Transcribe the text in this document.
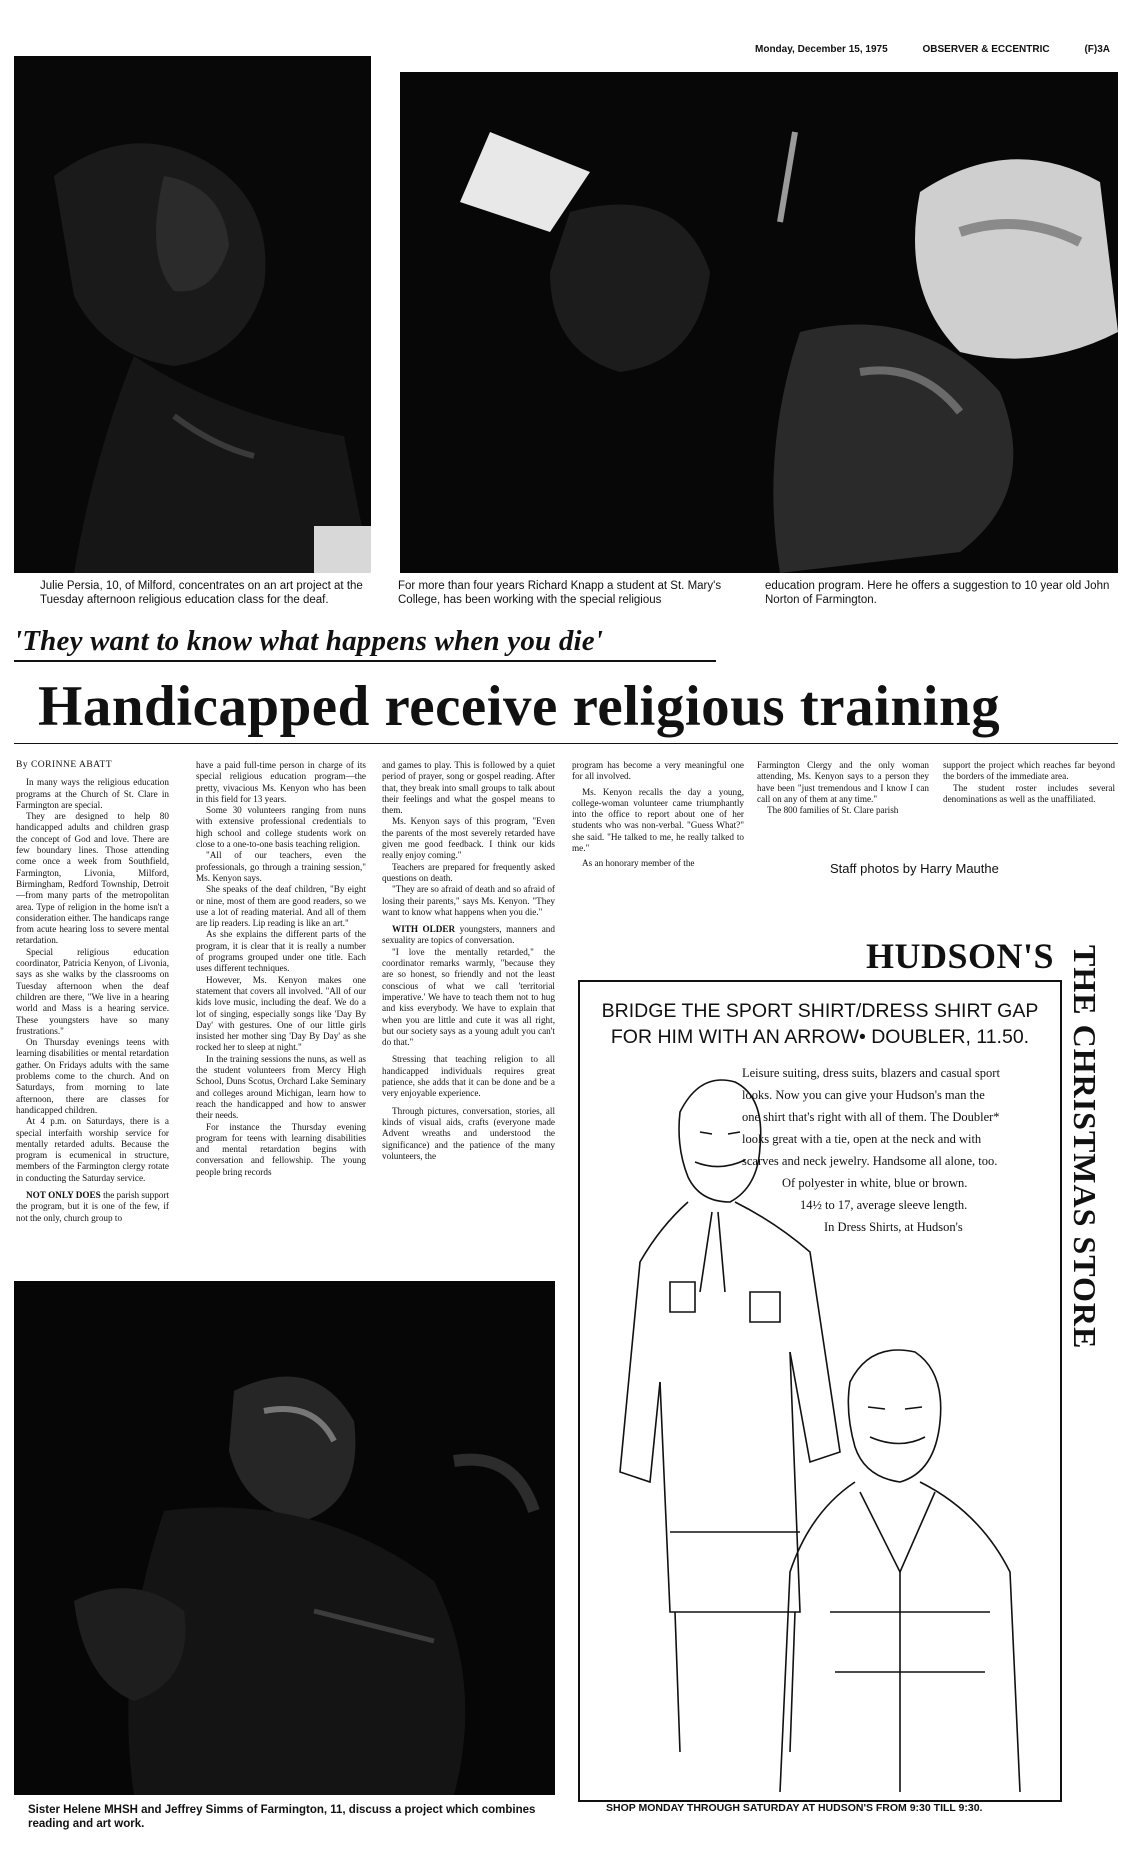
Monday, December 15, 1975	OBSERVER & ECCENTRIC	(F)3A
Julie Persia, 10, of Milford, concentrates on an art project at the Tuesday afternoon religious education class for the deaf.
For more than four years Richard Knapp a student at St. Mary's College, has been working with the special religious
education program. Here he offers a suggestion to 10 year old John Norton of Farmington.
'They want to know what happens when you die'
Handicapped receive religious training

By CORINNE ABATT

In many ways the religious education programs at the Church of St. Clare in Farmington are special.

They are designed to help 80 handicapped adults and children grasp the concept of God and love. There are few boundary lines. Those attending come once a week from Southfield, Farmington, Livonia, Milford, Birmingham, Redford Township, Detroit—from many parts of the metropolitan area. Type of religion in the home isn't a consideration either. The handicaps range from acute hearing loss to severe mental retardation.

Special religious education coordinator, Patricia Kenyon, of Livonia, says as she walks by the classrooms on Tuesday afternoon when the deaf children are there, "We live in a hearing world and Mass is a hearing service. These youngsters have so many frustrations."

On Thursday evenings teens with learning disabilities or mental retardation gather. On Fridays adults with the same problems come to the church. And on Saturdays, from morning to late afternoon, there are classes for handicapped children.

At 4 p.m. on Saturdays, there is a special interfaith worship service for mentally retarded adults. Because the program is ecumenical in structure, members of the Farmington clergy rotate in conducting the Saturday service.

NOT ONLY DOES the parish support the program, but it is one of the few, if not the only, church group to

have a paid full-time person in charge of its special religious education program—the pretty, vivacious Ms. Kenyon who has been in this field for 13 years.

Some 30 volunteers ranging from nuns with extensive professional credentials to high school and college students work on close to a one-to-one basis teaching religion.

"All of our teachers, even the professionals, go through a training session," Ms. Kenyon says.

She speaks of the deaf children, "By eight or nine, most of them are good readers, so we use a lot of reading material. And all of them are lip readers. Lip reading is like an art."

As she explains the different parts of the program, it is clear that it is really a number of programs grouped under one title. Each uses different techniques.

However, Ms. Kenyon makes one statement that covers all involved. "All of our kids love music, including the deaf. We do a lot of singing, especially songs like 'Day By Day' with gestures. One of our little girls insisted her mother sing 'Day By Day' as she rocked her to sleep at night."

In the training sessions the nuns, as well as the student volunteers from Mercy High School, Duns Scotus, Orchard Lake Seminary and colleges around Michigan, learn how to reach the handicapped and how to answer their needs.

For instance the Thursday evening program for teens with learning disabilities and mental retardation begins with conversation and fellowship. The young people bring records

and games to play. This is followed by a quiet period of prayer, song or gospel reading. After that, they break into small groups to talk about their feelings and what the gospel means to them.

Ms. Kenyon says of this program, "Even the parents of the most severely retarded have given me good feedback. I think our kids really enjoy coming."

Teachers are prepared for frequently asked questions on death.

"They are so afraid of death and so afraid of losing their parents," says Ms. Kenyon. "They want to know what happens when you die."

WITH OLDER youngsters, manners and sexuality are topics of conversation.

"I love the mentally retarded," the coordinator remarks warmly, "because they are so honest, so friendly and not the least conscious of what we call 'territorial imperative.' We have to teach them not to hug and kiss everybody. We have to explain that when you are little and cute it was all right, but our society says as a young adult you can't do that."

Stressing that teaching religion to all handicapped individuals requires great patience, she adds that it can be done and be a very enjoyable experience.

Through pictures, conversation, stories, all kinds of visual aids, crafts (everyone made Advent wreaths and understood the significance) and the patience of the many volunteers, the

program has become a very meaningful one for all involved.

Ms. Kenyon recalls the day a young, college-woman volunteer came triumphantly into the office to report about one of her students who was non-verbal. "Guess What?" she said. "He talked to me, he really talked to me."

As an honorary member of the

Farmington Clergy and the only woman attending, Ms. Kenyon says to a person they have been "just tremendous and I know I can call on any of them at any time."

The 800 families of St. Clare parish

support the project which reaches far beyond the borders of the immediate area.

The student roster includes several denominations as well as the unaffiliated.

Staff photos by Harry Mauthe
Sister Helene MHSH and Jeffrey Simms of Farmington, 11, discuss a project which combines reading and art work.
HUDSON'S
BRIDGE THE SPORT SHIRT/DRESS SHIRT GAP
FOR HIM WITH AN ARROW• DOUBLER, 11.50.
Leisure suiting, dress suits, blazers and casual sport
looks. Now you can give your Hudson's man the
one shirt that's right with all of them. The Doubler*
looks great with a tie, open at the neck and with
scarves and neck jewelry. Handsome all alone, too.
Of polyester in white, blue or brown.
14½ to 17, average sleeve length.
In Dress Shirts, at Hudson's	THE CHRISTMAS STORE
SHOP MONDAY THROUGH SATURDAY AT HUDSON'S FROM 9:30 TILL 9:30.
